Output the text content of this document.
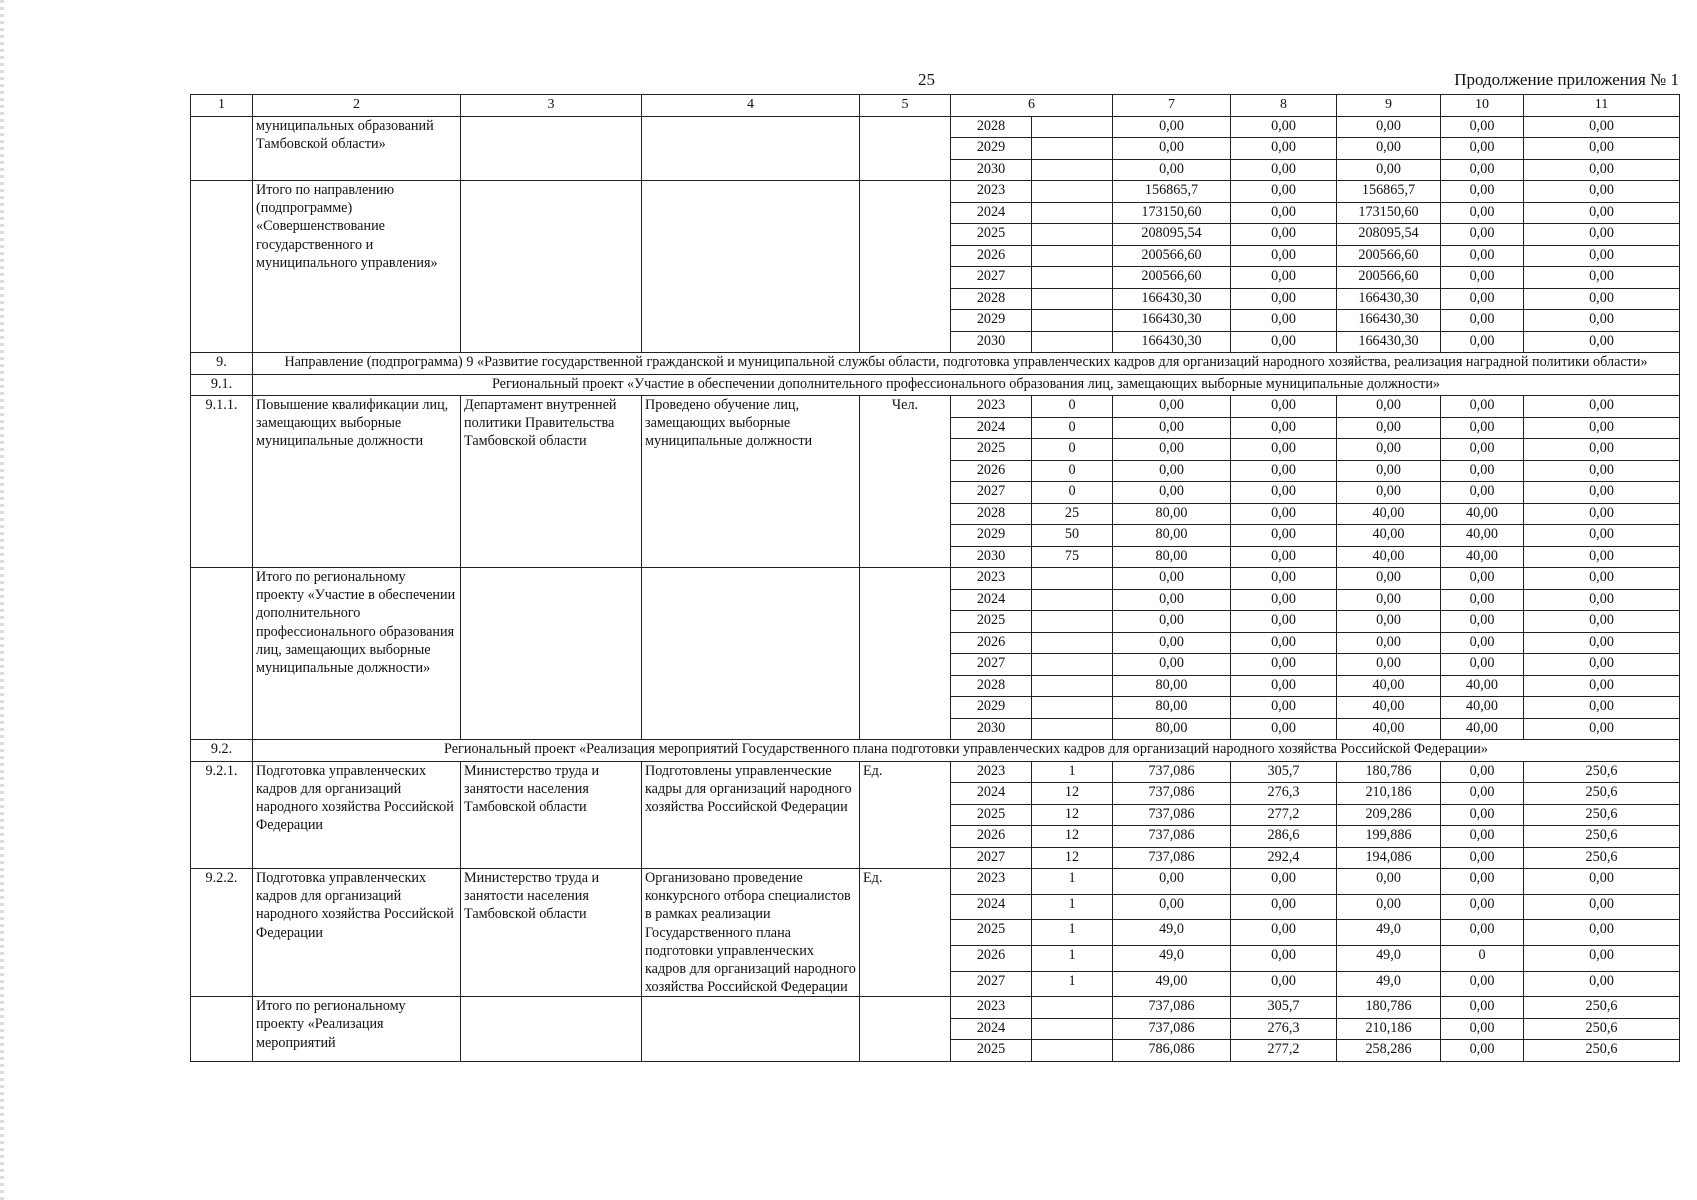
25	Продолжение приложения № 1
1	2	3	4	5	6		7	8	9	10	11
	муниципальных образований Тамбовской области»				2028		0,00	0,00	0,00	0,00	0,00
					2029		0,00	0,00	0,00	0,00	0,00
					2030		0,00	0,00	0,00	0,00	0,00
	Итого по направлению (подпрограмме) «Совершенствование государственного и муниципального управления»				2023		156865,7	0,00	156865,7	0,00	0,00
					2024		173150,60	0,00	173150,60	0,00	0,00
					2025		208095,54	0,00	208095,54	0,00	0,00
					2026		200566,60	0,00	200566,60	0,00	0,00
					2027		200566,60	0,00	200566,60	0,00	0,00
					2028		166430,30	0,00	166430,30	0,00	0,00
					2029		166430,30	0,00	166430,30	0,00	0,00
					2030		166430,30	0,00	166430,30	0,00	0,00
9.	Направление (подпрограмма) 9 «Развитие государственной гражданской и муниципальной службы области, подготовка управленческих кадров для организаций народного хозяйства, реализация наградной политики области»										
9.1.	Региональный проект «Участие в обеспечении дополнительного профессионального образования лиц, замещающих выборные муниципальные должности»										
9.1.1.	Повышение квалификации лиц, замещающих выборные муниципальные должности	Департамент внутренней политики Правительства Тамбовской области	Проведено обучение лиц, замещающих выборные муниципальные должности	Чел.	2023	0	0,00	0,00	0,00	0,00	0,00
					2024	0	0,00	0,00	0,00	0,00	0,00
					2025	0	0,00	0,00	0,00	0,00	0,00
					2026	0	0,00	0,00	0,00	0,00	0,00
					2027	0	0,00	0,00	0,00	0,00	0,00
					2028	25	80,00	0,00	40,00	40,00	0,00
					2029	50	80,00	0,00	40,00	40,00	0,00
					2030	75	80,00	0,00	40,00	40,00	0,00
	Итого по региональному проекту «Участие в обеспечении дополнительного профессионального образования лиц, замещающих выборные муниципальные должности»				2023		0,00	0,00	0,00	0,00	0,00
					2024		0,00	0,00	0,00	0,00	0,00
					2025		0,00	0,00	0,00	0,00	0,00
					2026		0,00	0,00	0,00	0,00	0,00
					2027		0,00	0,00	0,00	0,00	0,00
					2028		80,00	0,00	40,00	40,00	0,00
					2029		80,00	0,00	40,00	40,00	0,00
					2030		80,00	0,00	40,00	40,00	0,00
9.2.	Региональный проект «Реализация мероприятий Государственного плана подготовки управленческих кадров для организаций народного хозяйства Российской Федерации»										
9.2.1.	Подготовка управленческих кадров для организаций народного хозяйства Российской Федерации	Министерство труда и занятости населения Тамбовской области	Подготовлены управленческие кадры для организаций народного хозяйства Российской Федерации	Ед.	2023	1	737,086	305,7	180,786	0,00	250,6
					2024	12	737,086	276,3	210,186	0,00	250,6
					2025	12	737,086	277,2	209,286	0,00	250,6
					2026	12	737,086	286,6	199,886	0,00	250,6
					2027	12	737,086	292,4	194,086	0,00	250,6
9.2.2.	Подготовка управленческих кадров для организаций народного хозяйства Российской Федерации	Министерство труда и занятости населения Тамбовской области	Организовано проведение конкурсного отбора специалистов в рамках реализации Государственного плана подготовки управленческих кадров для организаций народного хозяйства Российской Федерации	Ед.	2023	1	0,00	0,00	0,00	0,00	0,00
					2024	1	0,00	0,00	0,00	0,00	0,00
					2025	1	49,0	0,00	49,0	0,00	0,00
					2026	1	49,0	0,00	49,0	0	0,00
					2027	1	49,00	0,00	49,0	0,00	0,00
	Итого по региональному проекту «Реализация мероприятий				2023		737,086	305,7	180,786	0,00	250,6
					2024		737,086	276,3	210,186	0,00	250,6
					2025		786,086	277,2	258,286	0,00	250,6
